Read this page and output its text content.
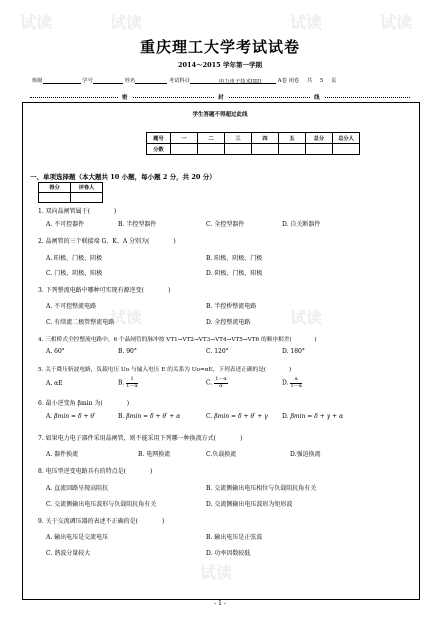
试读	试读	试读	试读
试读	试读
试读
重庆理工大学考试试卷
2014～2015 学年第一学期
班级	学号	姓名	考试科目	电力电子技术[III]	A卷 闭卷 共 5 页
密	封	线
学生答题不得超过此线
题号	一	二	三	四	五	总分	总分人
分数							
一、单项选择题（本大题共 10 小题，每小题 2 分，共 20 分）
得分	评卷人

1. 双向晶闸管属于(　　　　)
A. 不可控器件	B. 半控型器件	C. 全控型器件	D. 自关断器件
2. 晶闸管的三个联接端 G、K、A 分别为(　　　　)
A. 阳极、门极、阴极	B. 阳极、阴极、门极
C. 门极、阴极、阳极	D. 阴极、门极、阳极
3. 下列整流电路中哪种可实现有源逆变(　　　　)
A. 不可控整流电路	B. 半控桥整流电路
C. 有续流二极管整流电路	D. 全控整流电路
4. 三相桥式全控整流电路中，6 个晶闸管的脉冲按 VT1→VT2→VT3→VT4→VT5→VT6 的顺序相差(　　　　)
A. 60°	B. 90°	C. 120°	D. 180°
5. 关于降压斩波电路，负载电压 Uo 与输入电压 E 的关系为 Uo=αE，下列表述正确的是(　　　　)
A. αE	B. $\frac{1}{1-\alpha}$	C. $\frac{1-\alpha}{\alpha}$	D. $\frac{\alpha}{1-\alpha}$
6. 最小逆变角 βmin 为(　　　　)
A. βmin = δ + θ′	B. βmin = δ + θ′ + α	C. βmin = δ + θ′ + γ D. βmin = δ + γ + α
7. 如果电力电子器件采用晶闸管，则不能采用下列哪一种换流方式(　　　　)
A. 器件换流	B. 电网换流	C.负载换流	D.强迫换流
8. 电压型逆变电路具有的特点是(　　　　)
A. 直流回路呈现高阻抗	B. 交流侧输出电压相位与负载阻抗角有关
C. 交流侧输出电压波形与负载阻抗角有关	D. 交流侧输出电压波形为矩形波
9. 关于交流调压器的表述不正确的是(　　　　)
A. 输出电压是交流电压	B. 输出电压是正弦波
C. 谐波分量较大	D. 功率因数较低
- 1 -
